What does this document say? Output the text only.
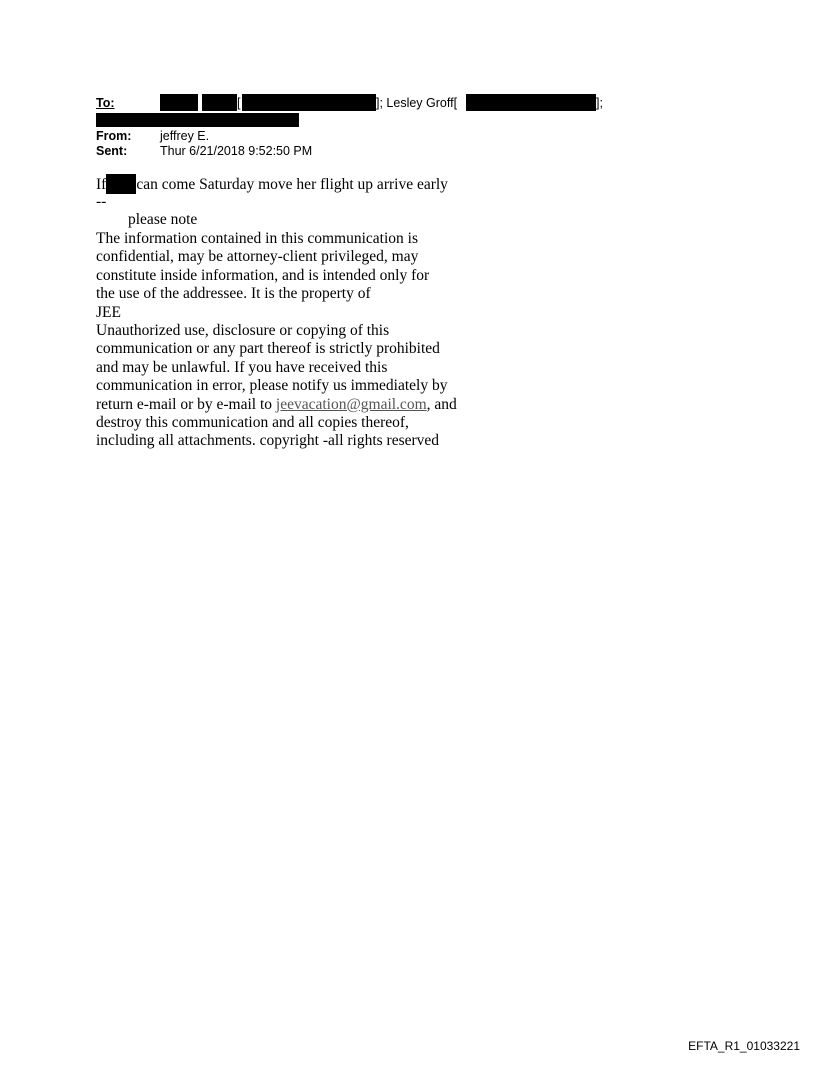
To:	[	]; Lesley Groff[	];
From: jeffrey E.
Sent:	Thur 6/21/2018 9:52:50 PM
If can come Saturday move her flight up arrive early
--
please note
The information contained in this communication is
confidential, may be attorney-client privileged, may
constitute inside information, and is intended only for
the use of the addressee. It is the property of
JEE
Unauthorized use, disclosure or copying of this
communication or any part thereof is strictly prohibited
and may be unlawful. If you have received this
communication in error, please notify us immediately by
return e-mail or by e-mail to jeevacation@gmail.com, and
destroy this communication and all copies thereof,
including all attachments. copyright -all rights reserved
EFTA_R1_01033221
